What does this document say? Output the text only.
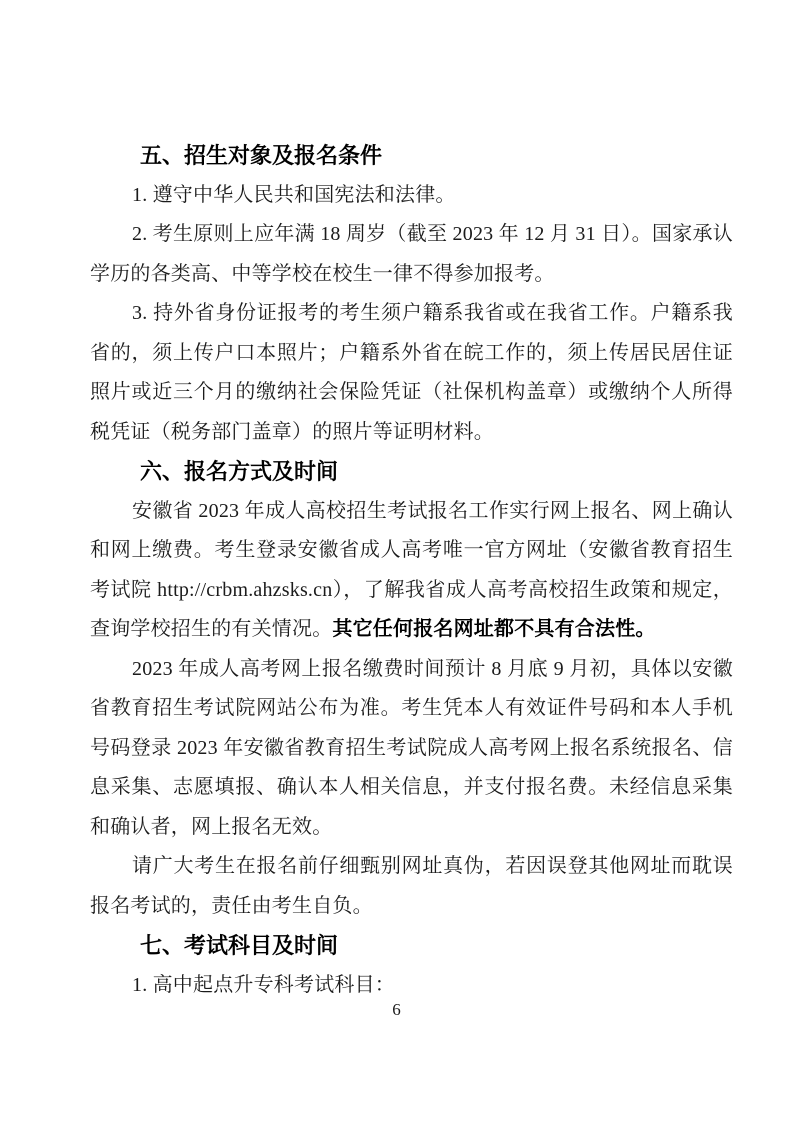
五、招生对象及报名条件

1. 遵守中华人民共和国宪法和法律。

2. 考生原则上应年满 18 周岁（截至 2023 年 12 月 31 日）。国家承认学历的各类高、中等学校在校生一律不得参加报考。

3. 持外省身份证报考的考生须户籍系我省或在我省工作。户籍系我省的，须上传户口本照片；户籍系外省在皖工作的，须上传居民居住证照片或近三个月的缴纳社会保险凭证（社保机构盖章）或缴纳个人所得税凭证（税务部门盖章）的照片等证明材料。

六、报名方式及时间

安徽省 2023 年成人高校招生考试报名工作实行网上报名、网上确认和网上缴费。考生登录安徽省成人高考唯一官方网址（安徽省教育招生考试院 http://crbm.ahzsks.cn），了解我省成人高考高校招生政策和规定，查询学校招生的有关情况。其它任何报名网址都不具有合法性。

2023 年成人高考网上报名缴费时间预计 8 月底 9 月初，具体以安徽省教育招生考试院网站公布为准。考生凭本人有效证件号码和本人手机号码登录 2023 年安徽省教育招生考试院成人高考网上报名系统报名、信息采集、志愿填报、确认本人相关信息，并支付报名费。未经信息采集和确认者，网上报名无效。

请广大考生在报名前仔细甄别网址真伪，若因误登其他网址而耽误报名考试的，责任由考生自负。

七、考试科目及时间

1. 高中起点升专科考试科目：

6
